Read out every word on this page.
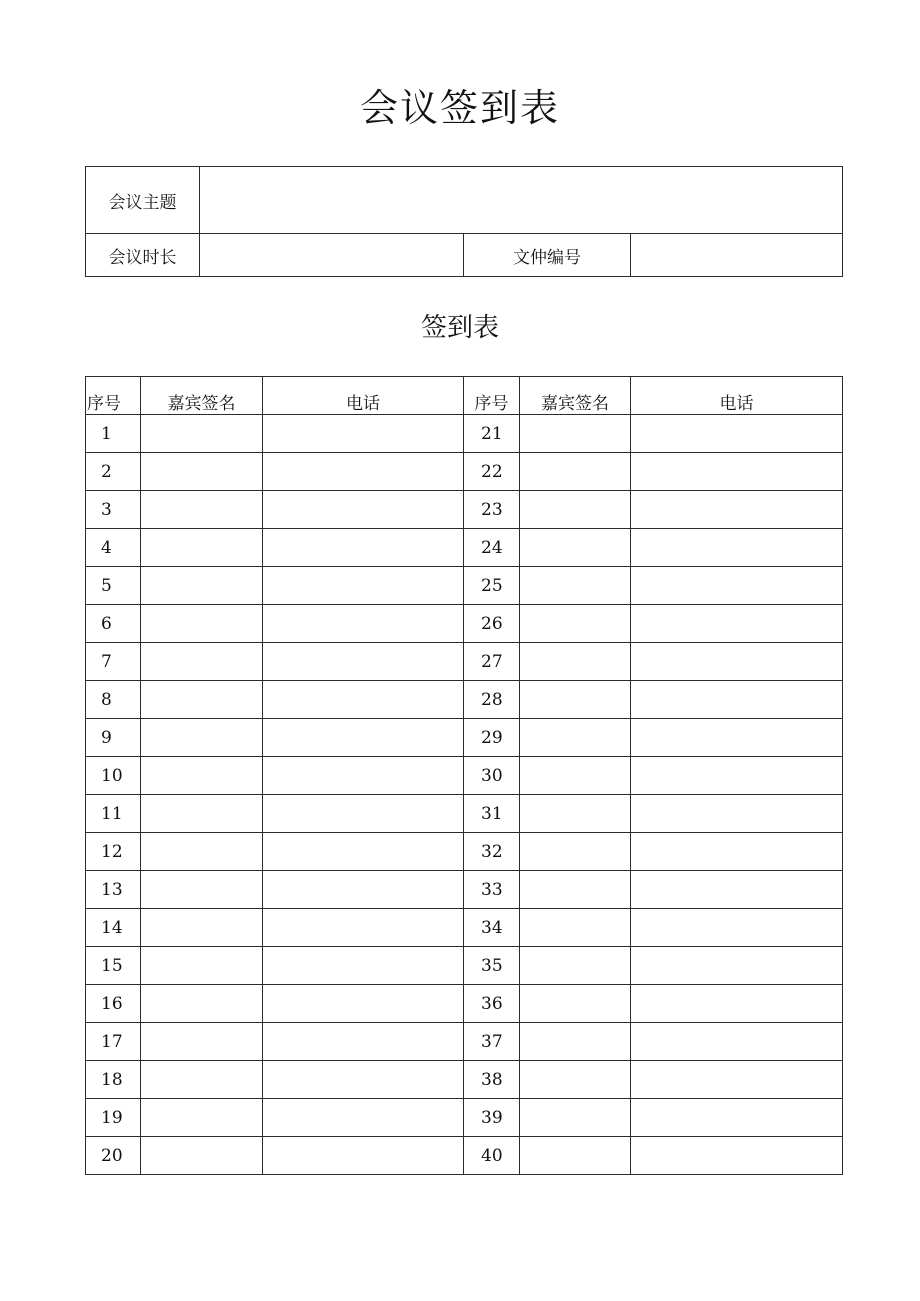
会议签到表
会议主题			
会议时长		文仲编号	
签到表
序号	嘉宾签名	电话	序号	嘉宾签名	电话
1			21		
2			22		
3			23		
4			24		
5			25		
6			26		
7			27		
8			28		
9			29		
10			30		
11			31		
12			32		
13			33		
14			34		
15			35		
16			36		
17			37		
18			38		
19			39		
20			40		
